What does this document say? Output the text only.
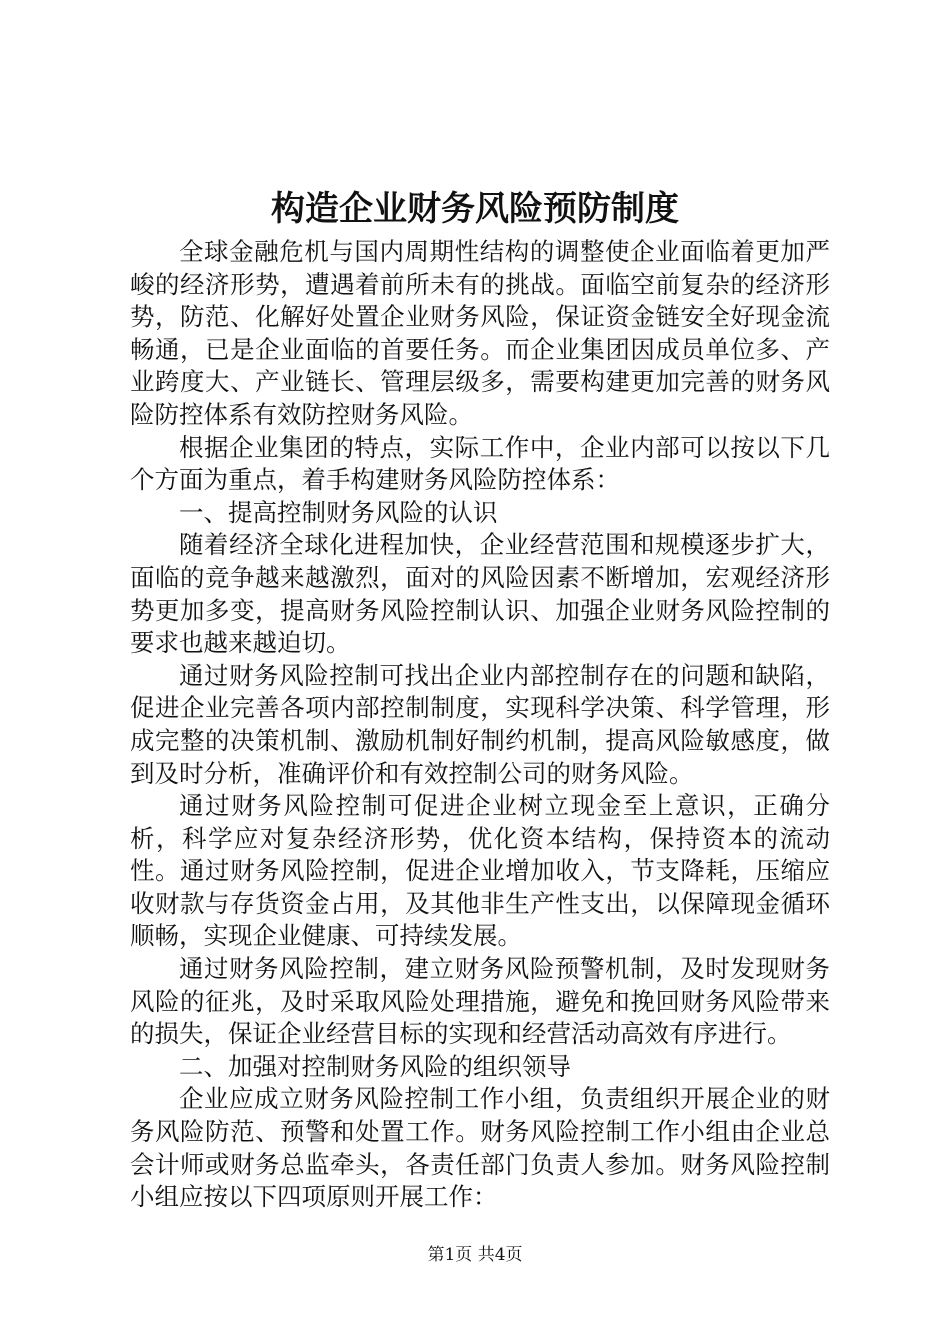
构造企业财务风险预防制度

全球金融危机与国内周期性结构的调整使企业面临着更加严峻的经济形势，遭遇着前所未有的挑战。面临空前复杂的经济形势，防范、化解好处置企业财务风险，保证资金链安全好现金流畅通，已是企业面临的首要任务。而企业集团因成员单位多、产业跨度大、产业链长、管理层级多，需要构建更加完善的财务风险防控体系有效防控财务风险。

根据企业集团的特点，实际工作中，企业内部可以按以下几个方面为重点，着手构建财务风险防控体系：

一、提高控制财务风险的认识

随着经济全球化进程加快，企业经营范围和规模逐步扩大，面临的竞争越来越激烈，面对的风险因素不断增加，宏观经济形势更加多变，提高财务风险控制认识、加强企业财务风险控制的要求也越来越迫切。

通过财务风险控制可找出企业内部控制存在的问题和缺陷，促进企业完善各项内部控制制度，实现科学决策、科学管理，形成完整的决策机制、激励机制好制约机制，提高风险敏感度，做到及时分析，准确评价和有效控制公司的财务风险。

通过财务风险控制可促进企业树立现金至上意识，正确分析，科学应对复杂经济形势，优化资本结构，保持资本的流动性。通过财务风险控制，促进企业增加收入，节支降耗，压缩应收财款与存货资金占用，及其他非生产性支出，以保障现金循环顺畅，实现企业健康、可持续发展。

通过财务风险控制，建立财务风险预警机制，及时发现财务风险的征兆，及时采取风险处理措施，避免和挽回财务风险带来的损失，保证企业经营目标的实现和经营活动高效有序进行。

二、加强对控制财务风险的组织领导

企业应成立财务风险控制工作小组，负责组织开展企业的财务风险防范、预警和处置工作。财务风险控制工作小组由企业总会计师或财务总监牵头，各责任部门负责人参加。财务风险控制小组应按以下四项原则开展工作：

第1页 共4页
